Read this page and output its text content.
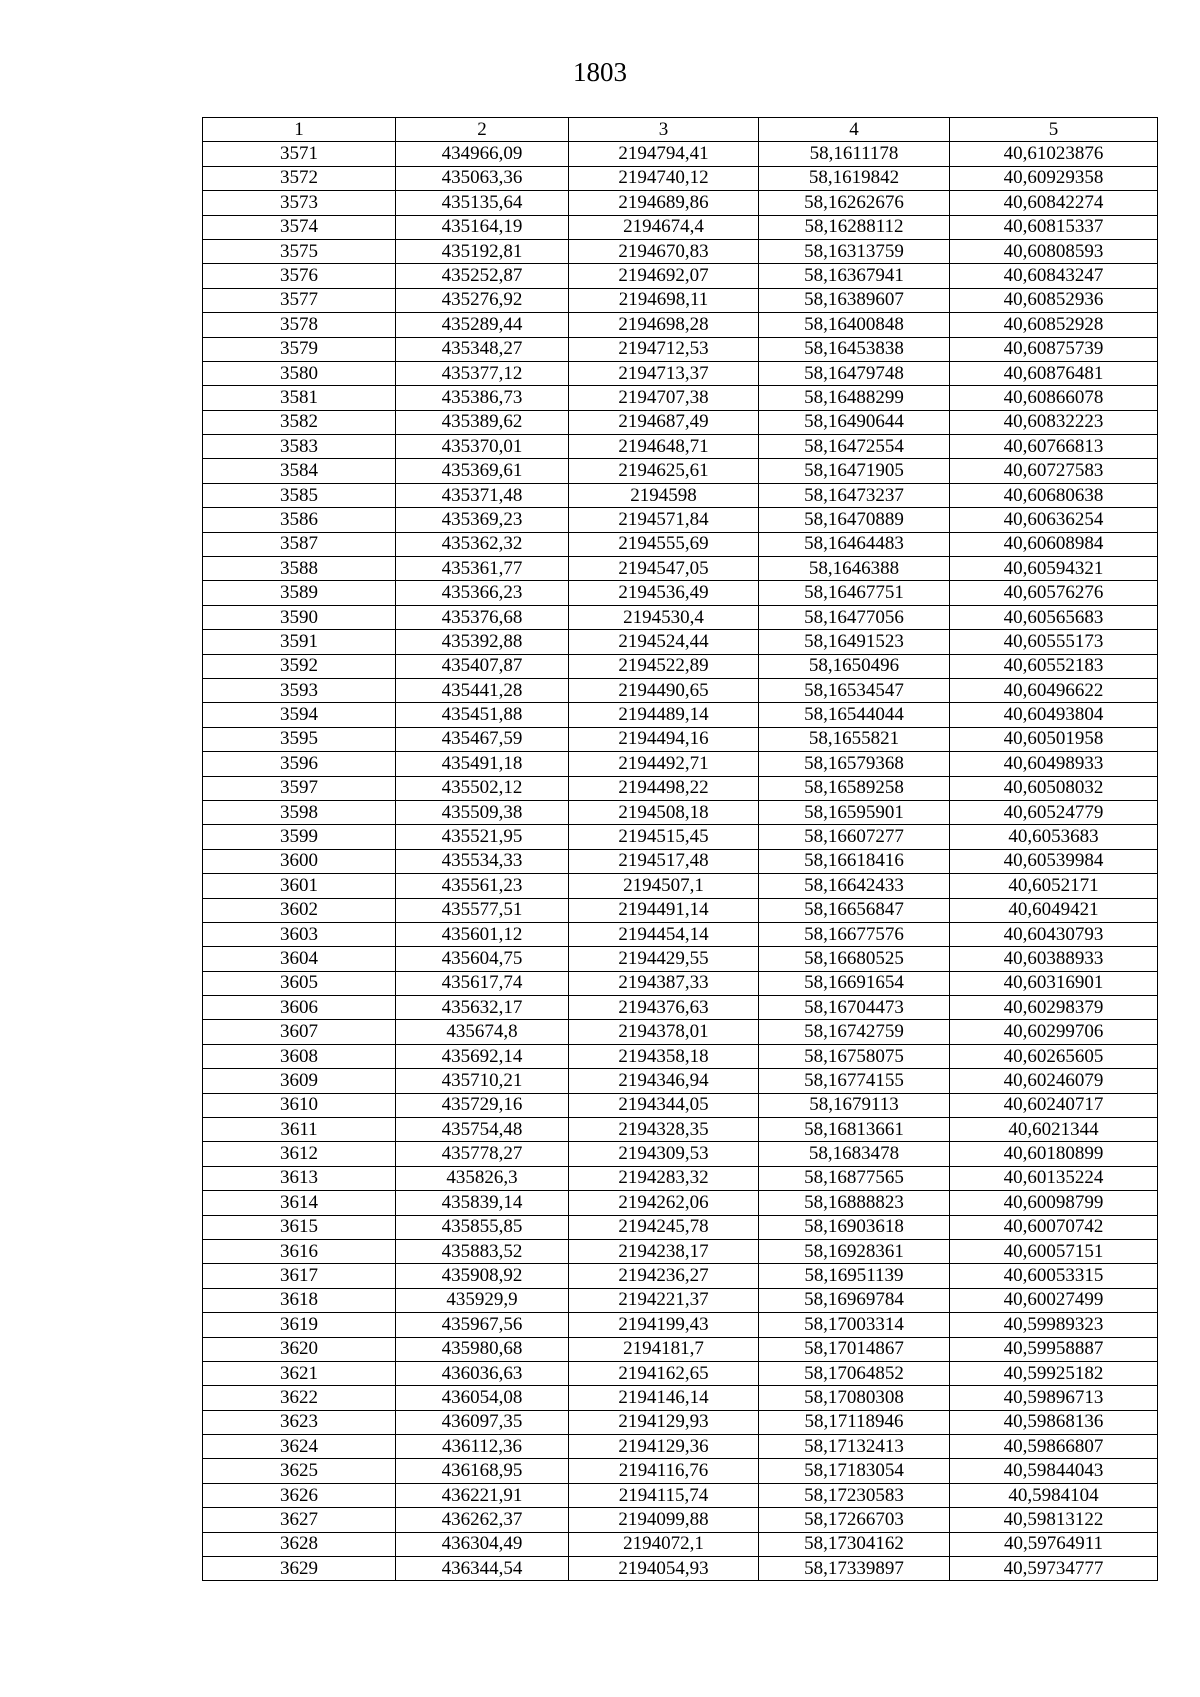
1803
1	2	3	4	5
3571	434966,09	2194794,41	58,1611178	40,61023876
3572	435063,36	2194740,12	58,1619842	40,60929358
3573	435135,64	2194689,86	58,16262676	40,60842274
3574	435164,19	2194674,4	58,16288112	40,60815337
3575	435192,81	2194670,83	58,16313759	40,60808593
3576	435252,87	2194692,07	58,16367941	40,60843247
3577	435276,92	2194698,11	58,16389607	40,60852936
3578	435289,44	2194698,28	58,16400848	40,60852928
3579	435348,27	2194712,53	58,16453838	40,60875739
3580	435377,12	2194713,37	58,16479748	40,60876481
3581	435386,73	2194707,38	58,16488299	40,60866078
3582	435389,62	2194687,49	58,16490644	40,60832223
3583	435370,01	2194648,71	58,16472554	40,60766813
3584	435369,61	2194625,61	58,16471905	40,60727583
3585	435371,48	2194598	58,16473237	40,60680638
3586	435369,23	2194571,84	58,16470889	40,60636254
3587	435362,32	2194555,69	58,16464483	40,60608984
3588	435361,77	2194547,05	58,1646388	40,60594321
3589	435366,23	2194536,49	58,16467751	40,60576276
3590	435376,68	2194530,4	58,16477056	40,60565683
3591	435392,88	2194524,44	58,16491523	40,60555173
3592	435407,87	2194522,89	58,1650496	40,60552183
3593	435441,28	2194490,65	58,16534547	40,60496622
3594	435451,88	2194489,14	58,16544044	40,60493804
3595	435467,59	2194494,16	58,1655821	40,60501958
3596	435491,18	2194492,71	58,16579368	40,60498933
3597	435502,12	2194498,22	58,16589258	40,60508032
3598	435509,38	2194508,18	58,16595901	40,60524779
3599	435521,95	2194515,45	58,16607277	40,6053683
3600	435534,33	2194517,48	58,16618416	40,60539984
3601	435561,23	2194507,1	58,16642433	40,6052171
3602	435577,51	2194491,14	58,16656847	40,6049421
3603	435601,12	2194454,14	58,16677576	40,60430793
3604	435604,75	2194429,55	58,16680525	40,60388933
3605	435617,74	2194387,33	58,16691654	40,60316901
3606	435632,17	2194376,63	58,16704473	40,60298379
3607	435674,8	2194378,01	58,16742759	40,60299706
3608	435692,14	2194358,18	58,16758075	40,60265605
3609	435710,21	2194346,94	58,16774155	40,60246079
3610	435729,16	2194344,05	58,1679113	40,60240717
3611	435754,48	2194328,35	58,16813661	40,6021344
3612	435778,27	2194309,53	58,1683478	40,60180899
3613	435826,3	2194283,32	58,16877565	40,60135224
3614	435839,14	2194262,06	58,16888823	40,60098799
3615	435855,85	2194245,78	58,16903618	40,60070742
3616	435883,52	2194238,17	58,16928361	40,60057151
3617	435908,92	2194236,27	58,16951139	40,60053315
3618	435929,9	2194221,37	58,16969784	40,60027499
3619	435967,56	2194199,43	58,17003314	40,59989323
3620	435980,68	2194181,7	58,17014867	40,59958887
3621	436036,63	2194162,65	58,17064852	40,59925182
3622	436054,08	2194146,14	58,17080308	40,59896713
3623	436097,35	2194129,93	58,17118946	40,59868136
3624	436112,36	2194129,36	58,17132413	40,59866807
3625	436168,95	2194116,76	58,17183054	40,59844043
3626	436221,91	2194115,74	58,17230583	40,5984104
3627	436262,37	2194099,88	58,17266703	40,59813122
3628	436304,49	2194072,1	58,17304162	40,59764911
3629	436344,54	2194054,93	58,17339897	40,59734777
